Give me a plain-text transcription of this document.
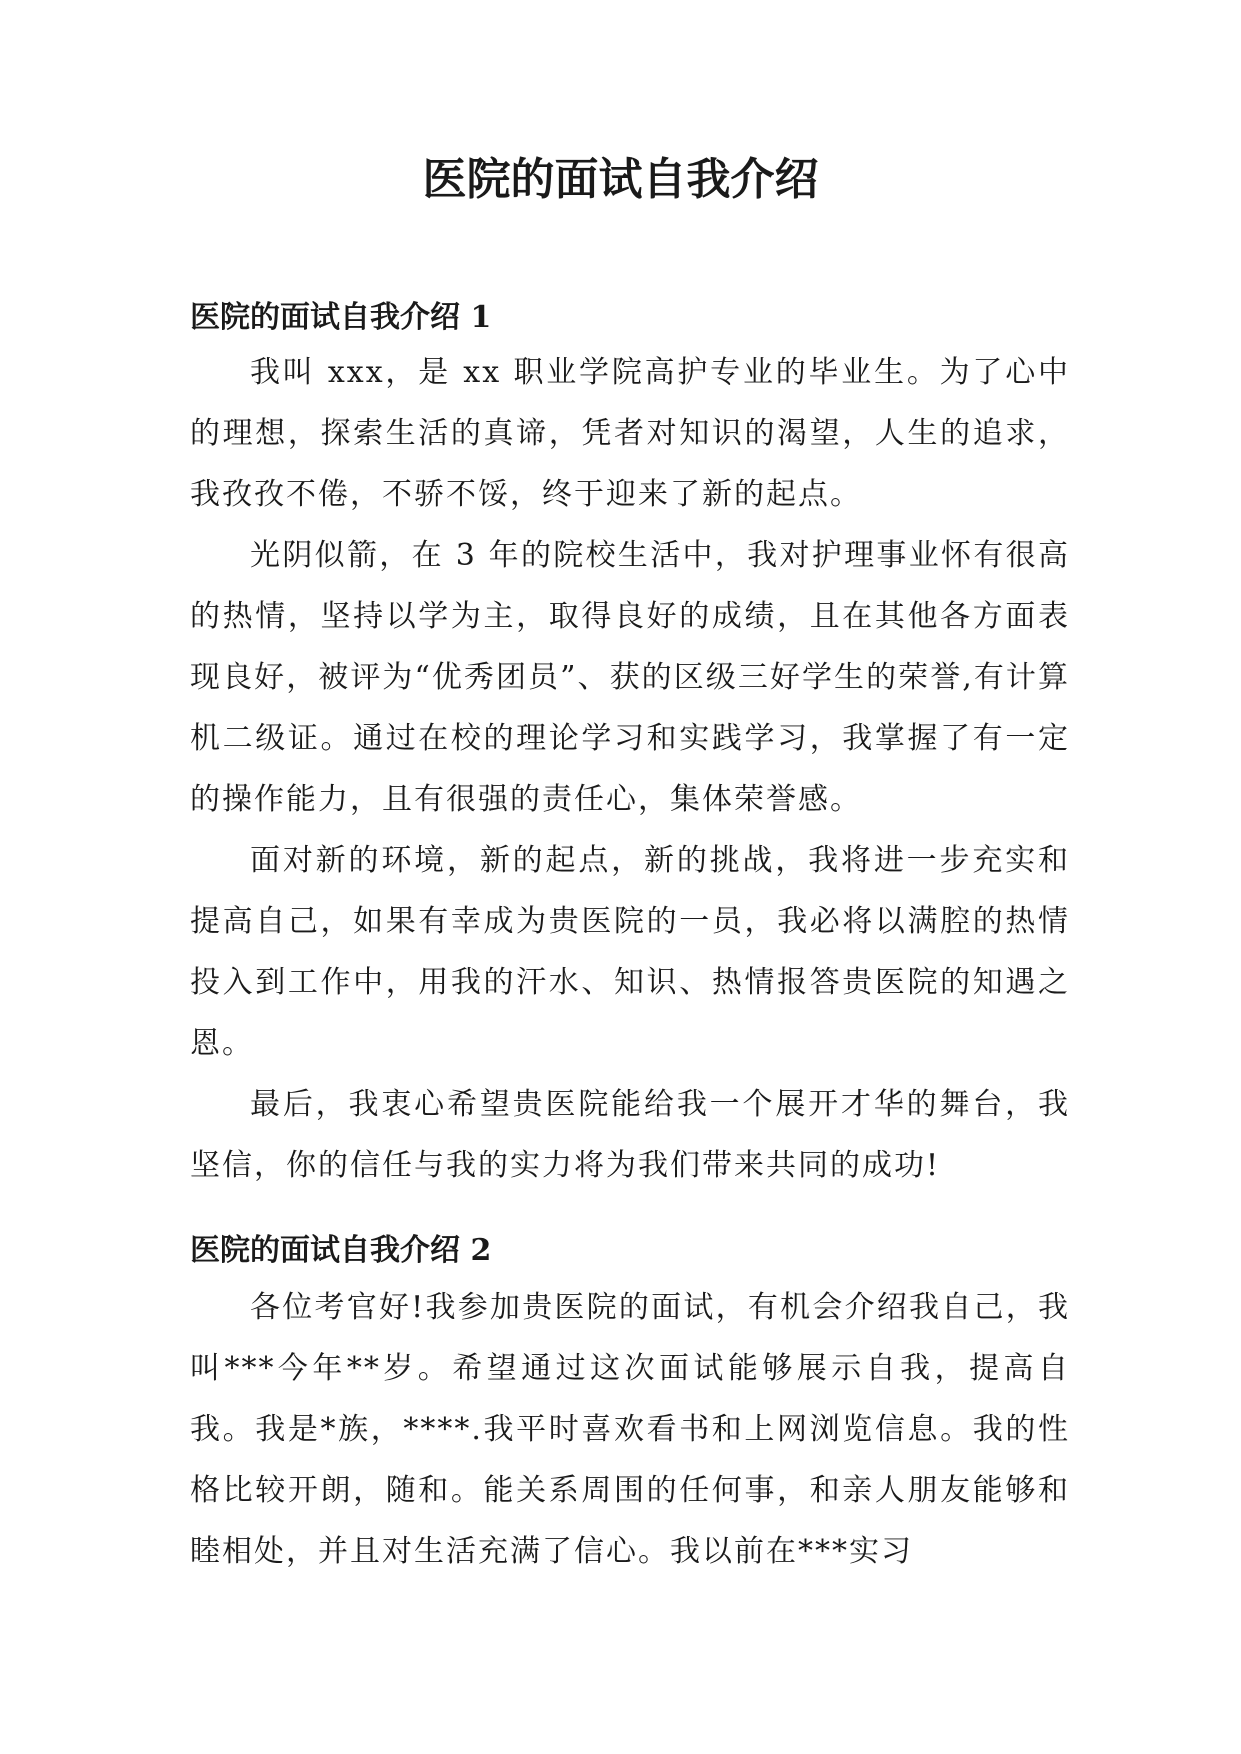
医院的面试自我介绍
医院的面试自我介绍 1

我叫 xxx，是 xx 职业学院高护专业的毕业生。为了心中的理想，探索生活的真谛，凭者对知识的渴望，人生的追求，我孜孜不倦，不骄不馁，终于迎来了新的起点。

光阴似箭，在 3 年的院校生活中，我对护理事业怀有很高的热情，坚持以学为主，取得良好的成绩，且在其他各方面表现良好，被评为“优秀团员”、获的区级三好学生的荣誉,有计算机二级证。通过在校的理论学习和实践学习，我掌握了有一定的操作能力，且有很强的责任心，集体荣誉感。

面对新的环境，新的起点，新的挑战，我将进一步充实和提高自己，如果有幸成为贵医院的一员，我必将以满腔的热情投入到工作中，用我的汗水、知识、热情报答贵医院的知遇之恩。

最后，我衷心希望贵医院能给我一个展开才华的舞台，我坚信，你的信任与我的实力将为我们带来共同的成功!

医院的面试自我介绍 2

各位考官好!我参加贵医院的面试，有机会介绍我自己，我叫***今年**岁。希望通过这次面试能够展示自我，提高自我。我是*族，****.我平时喜欢看书和上网浏览信息。我的性格比较开朗，随和。能关系周围的任何事，和亲人朋友能够和睦相处，并且对生活充满了信心。我以前在***实习
